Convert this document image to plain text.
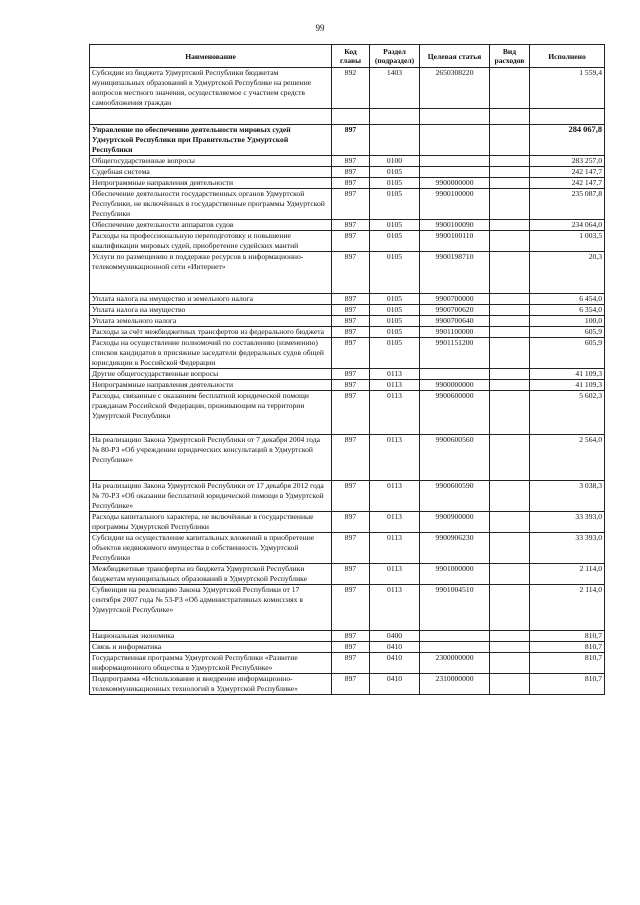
99
Наименование	Код главы	Раздел (подраздел)	Целевая статья	Вид расходов	Исполнено
Субсидии из бюджета Удмуртской Республики бюджетам муниципальных образований в Удмуртской Республике на решение вопросов местного значения, осуществляемое с участием средств самообложения граждан	892	1403	2650308220		1 559,4

Управление по обеспечению деятельности мировых судей Удмуртской Республики при Правительстве Удмуртской Республики	897				284 067,8
Общегосударственные вопросы	897	0100			283 257,0
Судебная система	897	0105			242 147,7
Непрограммные направления деятельности	897	0105	9900000000		242 147,7
Обеспечение деятельности государственных органов Удмуртской Республики, не включённых в государственные программы Удмуртской Республики	897	0105	9900100000		235 087,8
Обеспечение деятельности аппаратов судов	897	0105	9900100090		234 064,0
Расходы на профессиональную переподготовку и повышение квалификации мировых судей, приобретение судейских мантий	897	0105	9900100110		1 003,5
Услуги по размещению и поддержке ресурсов в информационно-телекоммуникационной сети «Интернет»	897	0105	9900198710		20,3
Уплата налога на имущество и земельного налога	897	0105	9900700000		6 454,0
Уплата налога на имущество	897	0105	9900700620		6 354,0
Уплата земельного налога	897	0105	9900700640		100,0
Расходы за счёт межбюджетных трансфертов из федерального бюджета	897	0105	9901100000		605,9
Расходы на осуществление полномочий по составлению (изменению) списков кандидатов в присяжные заседатели федеральных судов общей юрисдикции в Российской Федерации	897	0105	9901151200		605,9
Другие общегосударственные вопросы	897	0113			41 109,3
Непрограммные направления деятельности	897	0113	9900000000		41 109,3
Расходы, связанные с оказанием бесплатной юридической помощи гражданам Российской Федерации, проживающим на территории Удмуртской Республики	897	0113	9900600000		5 602,3
На реализацию Закона Удмуртской Республики от 7 декабря 2004 года № 80-РЗ «Об учреждении юридических консультаций в Удмуртской Республике»	897	0113	9900600560		2 564,0
На реализацию Закона Удмуртской Республики от 17 декабря 2012 года № 70-РЗ «Об оказании бесплатной юридической помощи в Удмуртской Республике»	897	0113	9900600590		3 038,3
Расходы капитального характера, не включённые в государственные программы Удмуртской Республики	897	0113	9900900000		33 393,0
Субсидии на осуществление капитальных вложений в приобретение объектов недвижимого имущества в собственность Удмуртской Республики	897	0113	9900906230		33 393,0
Межбюджетные трансферты из бюджета Удмуртской Республики бюджетам муниципальных образований в Удмуртской Республике	897	0113	9901000000		2 114,0
Субвенция на реализацию Закона Удмуртской Республики от 17 сентября 2007 года № 53-РЗ «Об административных комиссиях в Удмуртской Республике»	897	0113	9901004510		2 114,0
Национальная экономика	897	0400			810,7
Связь и информатика	897	0410			810,7
Государственная программа Удмуртской Республики «Развитие информационного общества в Удмуртской Республике»	897	0410	2300000000		810,7
Подпрограмма «Использование и внедрение информационно-телекоммуникационных технологий в Удмуртской Республике»	897	0410	2310000000		810,7
